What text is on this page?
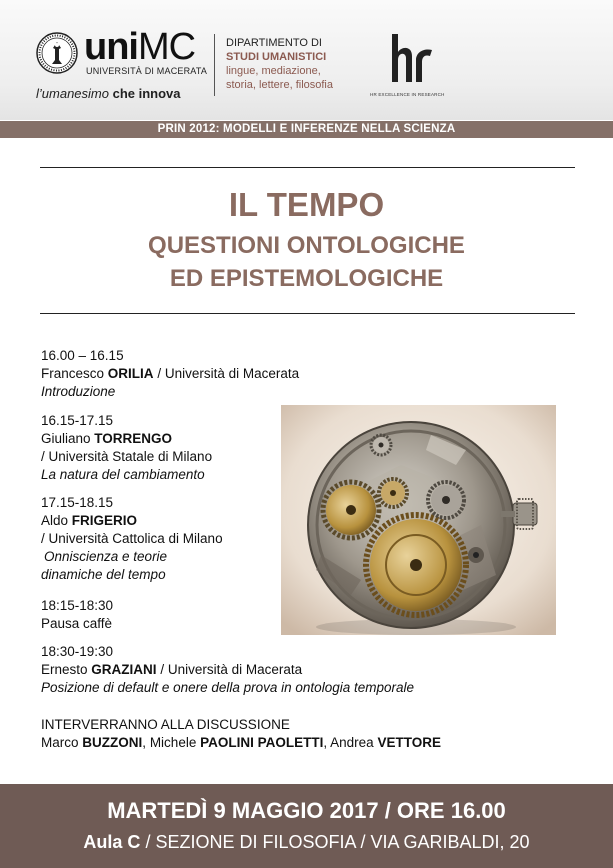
uniMC
UNIVERSITÀ DI MACERATA
l’umanesimo che innova
DIPARTIMENTO DI
STUDI UMANISTICI
lingue, mediazione,
storia, lettere, filosofia
HR EXCELLENCE IN RESEARCH
PRIN 2012: MODELLI E INFERENZE NELLA SCIENZA
IL TEMPO
QUESTIONI ONTOLOGICHE
ED EPISTEMOLOGICHE
16.00 – 16.15
Francesco ORILIA / Università di Macerata
Introduzione
16.15-17.15
Giuliano TORRENGO
/ Università Statale di Milano
La natura del cambiamento
17.15-18.15
Aldo FRIGERIO
/ Università Cattolica di Milano
Onniscienza e teorie
dinamiche del tempo
18:15-18:30
Pausa caffè
18:30-19:30
Ernesto GRAZIANI / Università di Macerata
Posizione di default e onere della prova in ontologia temporale
INTERVERRANNO ALLA DISCUSSIONE
Marco BUZZONI, Michele PAOLINI PAOLETTI, Andrea VETTORE
MARTEDÌ 9 MAGGIO 2017 / ORE 16.00
Aula C / SEZIONE DI FILOSOFIA / VIA GARIBALDI, 20
